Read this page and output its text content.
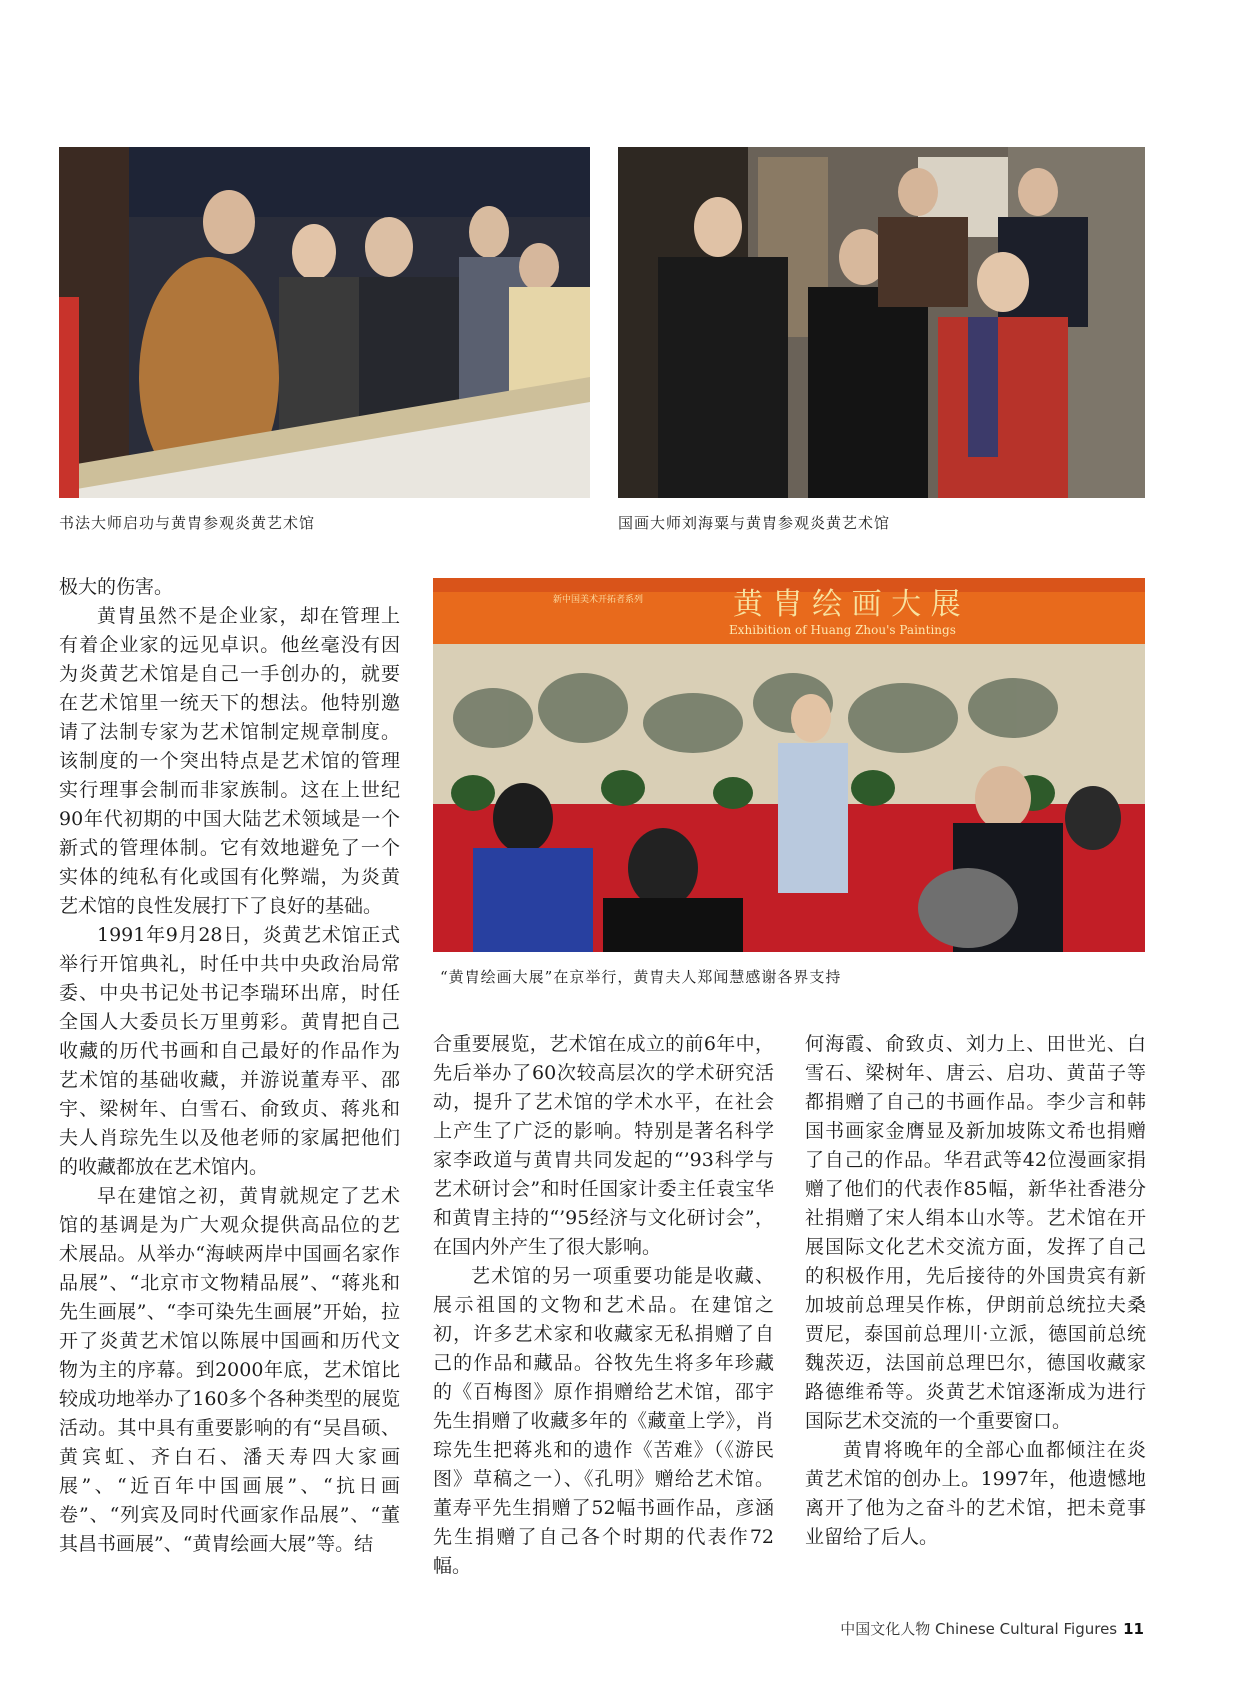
书法大师启功与黄胄参观炎黄艺术馆	国画大师刘海粟与黄胄参观炎黄艺术馆
新中国美术开拓者系列	黄 胄 绘 画 大 展
Exhibition of Huang Zhou's Paintings
“黄胄绘画大展”在京举行，黄胄夫人郑闻慧感谢各界支持

极大的伤害。

黄胄虽然不是企业家，却在管理上有着企业家的远见卓识。他丝毫没有因为炎黄艺术馆是自己一手创办的，就要在艺术馆里一统天下的想法。他特别邀请了法制专家为艺术馆制定规章制度。该制度的一个突出特点是艺术馆的管理实行理事会制而非家族制。这在上世纪90年代初期的中国大陆艺术领域是一个新式的管理体制。它有效地避免了一个实体的纯私有化或国有化弊端，为炎黄艺术馆的良性发展打下了良好的基础。

1991年9月28日，炎黄艺术馆正式举行开馆典礼，时任中共中央政治局常委、中央书记处书记李瑞环出席，时任全国人大委员长万里剪彩。黄胄把自己收藏的历代书画和自己最好的作品作为艺术馆的基础收藏，并游说董寿平、邵宇、梁树年、白雪石、俞致贞、蒋兆和夫人肖琮先生以及他老师的家属把他们的收藏都放在艺术馆内。

早在建馆之初，黄胄就规定了艺术馆的基调是为广大观众提供高品位的艺术展品。从举办“海峡两岸中国画名家作品展”、“北京市文物精品展”、“蒋兆和先生画展”、“李可染先生画展”开始，拉开了炎黄艺术馆以陈展中国画和历代文物为主的序幕。到2000年底，艺术馆比较成功地举办了160多个各种类型的展览活动。其中具有重要影响的有“吴昌硕、黄宾虹、齐白石、潘天寿四大家画展”、“近百年中国画展”、“抗日画卷”、“列宾及同时代画家作品展”、“董其昌书画展”、“黄胄绘画大展”等。结

合重要展览，艺术馆在成立的前6年中，先后举办了60次较高层次的学术研究活动，提升了艺术馆的学术水平，在社会上产生了广泛的影响。特别是著名科学家李政道与黄胄共同发起的“’93科学与艺术研讨会”和时任国家计委主任袁宝华和黄胄主持的“’95经济与文化研讨会”，在国内外产生了很大影响。

艺术馆的另一项重要功能是收藏、展示祖国的文物和艺术品。在建馆之初，许多艺术家和收藏家无私捐赠了自己的作品和藏品。谷牧先生将多年珍藏的《百梅图》原作捐赠给艺术馆，邵宇先生捐赠了收藏多年的《藏童上学》，肖琮先生把蒋兆和的遗作《苦难》（《游民图》草稿之一）、《孔明》赠给艺术馆。董寿平先生捐赠了52幅书画作品，彦涵先生捐赠了自己各个时期的代表作72幅。

何海霞、俞致贞、刘力上、田世光、白雪石、梁树年、唐云、启功、黄苗子等都捐赠了自己的书画作品。李少言和韩国书画家金膺显及新加坡陈文希也捐赠了自己的作品。华君武等42位漫画家捐赠了他们的代表作85幅，新华社香港分社捐赠了宋人绢本山水等。艺术馆在开展国际文化艺术交流方面，发挥了自己的积极作用，先后接待的外国贵宾有新加坡前总理吴作栋，伊朗前总统拉夫桑贾尼，泰国前总理川·立派，德国前总统魏茨迈，法国前总理巴尔，德国收藏家路德维希等。炎黄艺术馆逐渐成为进行国际艺术交流的一个重要窗口。

黄胄将晚年的全部心血都倾注在炎黄艺术馆的创办上。1997年，他遗憾地离开了他为之奋斗的艺术馆，把未竟事业留给了后人。

中国文化人物 Chinese Cultural Figures 11
